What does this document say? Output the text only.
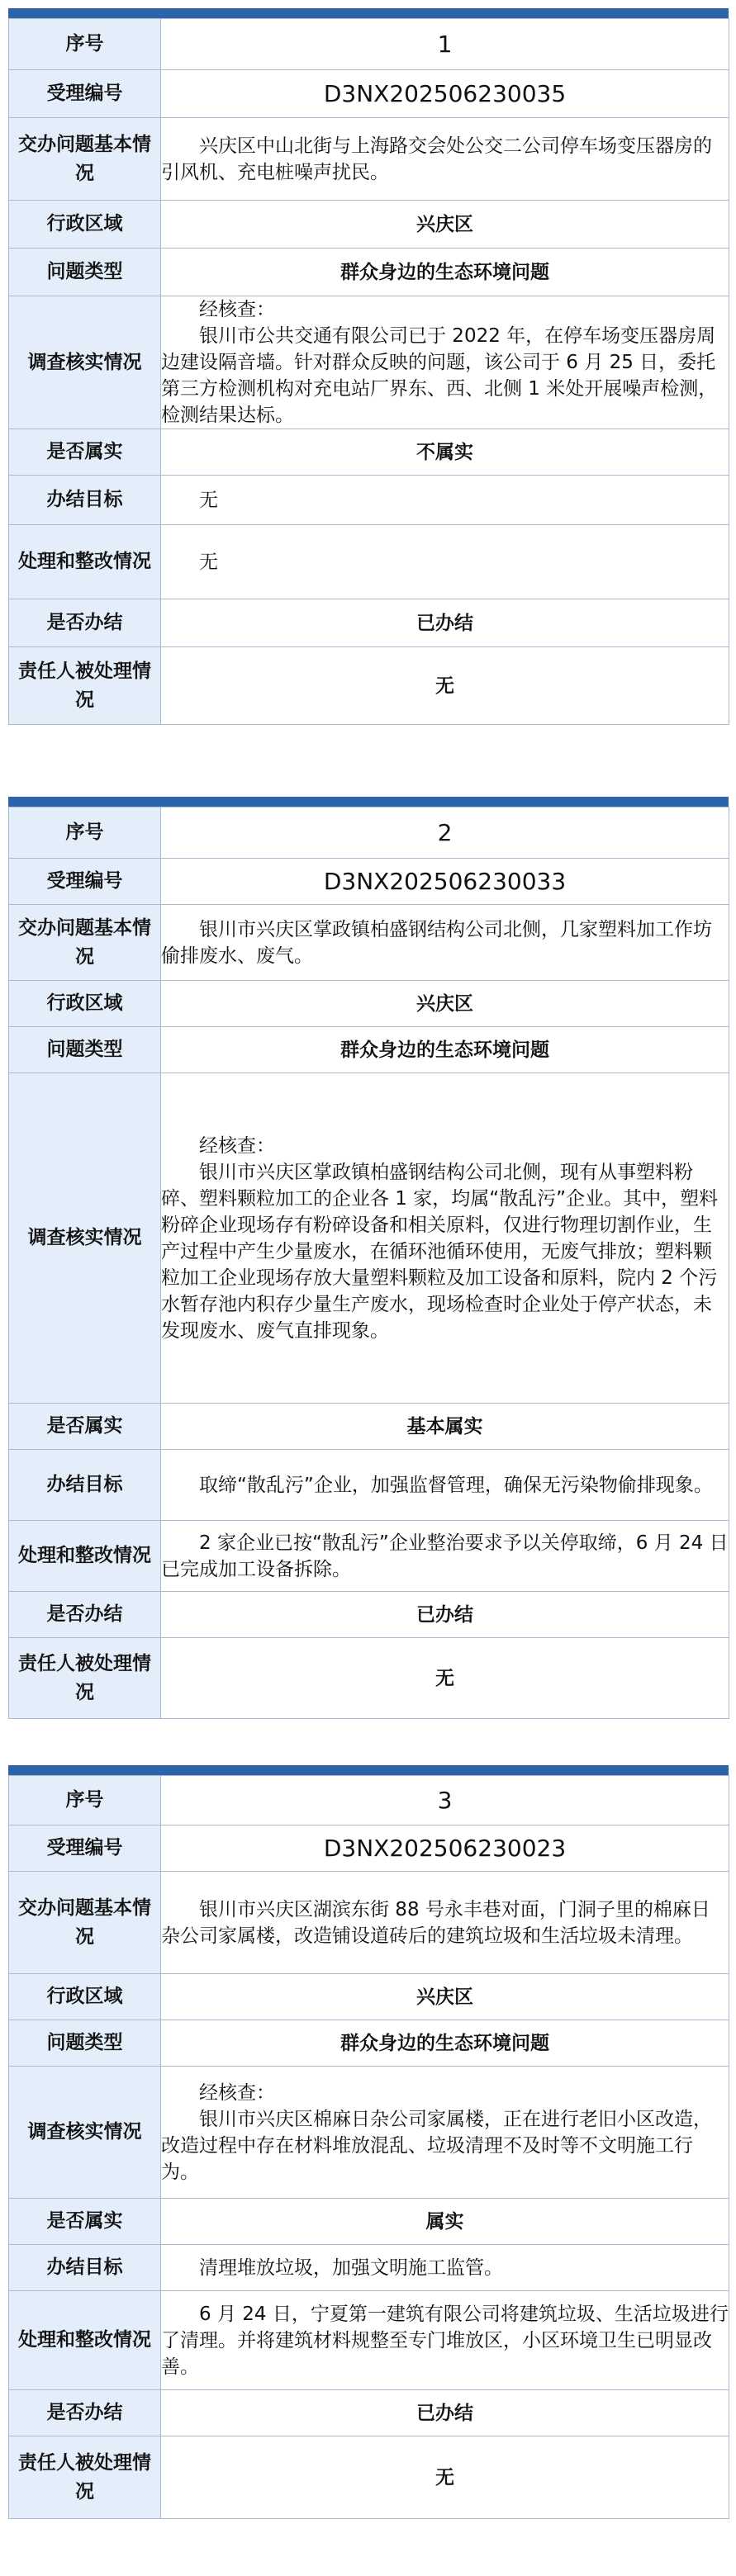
序号	1
受理编号	D3NX202506230035
交办问题基本情况	兴庆区中山北街与上海路交会处公交二公司停车场变压器房的引风机、充电桩噪声扰民。

行政区域	兴庆区
问题类型	群众身边的生态环境问题
调查核实情况	经核查：

银川市公共交通有限公司已于 2022 年，在停车场变压器房周边建设隔音墙。针对群众反映的问题，该公司于 6 月 25 日，委托第三方检测机构对充电站厂界东、西、北侧 1 米处开展噪声检测，检测结果达标。

是否属实	不属实
办结目标	无

处理和整改情况	无

是否办结	已办结
责任人被处理情况	无
序号	2
受理编号	D3NX202506230033
交办问题基本情况	银川市兴庆区掌政镇柏盛钢结构公司北侧，几家塑料加工作坊偷排废水、废气。

行政区域	兴庆区
问题类型	群众身边的生态环境问题
调查核实情况	经核查：

银川市兴庆区掌政镇柏盛钢结构公司北侧，现有从事塑料粉碎、塑料颗粒加工的企业各 1 家，均属“散乱污”企业。其中，塑料粉碎企业现场存有粉碎设备和相关原料，仅进行物理切割作业，生产过程中产生少量废水，在循环池循环使用，无废气排放；塑料颗粒加工企业现场存放大量塑料颗粒及加工设备和原料，院内 2 个污水暂存池内积存少量生产废水，现场检查时企业处于停产状态，未发现废水、废气直排现象。

是否属实	基本属实
办结目标	取缔“散乱污”企业，加强监督管理，确保无污染物偷排现象。

处理和整改情况	2 家企业已按“散乱污”企业整治要求予以关停取缔，6 月 24 日已完成加工设备拆除。

是否办结	已办结
责任人被处理情况	无
序号	3
受理编号	D3NX202506230023
交办问题基本情况	银川市兴庆区湖滨东街 88 号永丰巷对面，门洞子里的棉麻日杂公司家属楼，改造铺设道砖后的建筑垃圾和生活垃圾未清理。

行政区域	兴庆区
问题类型	群众身边的生态环境问题
调查核实情况	经核查：

银川市兴庆区棉麻日杂公司家属楼，正在进行老旧小区改造，改造过程中存在材料堆放混乱、垃圾清理不及时等不文明施工行为。

是否属实	属实
办结目标	清理堆放垃圾，加强文明施工监管。

处理和整改情况	6 月 24 日，宁夏第一建筑有限公司将建筑垃圾、生活垃圾进行了清理。并将建筑材料规整至专门堆放区，小区环境卫生已明显改善。

是否办结	已办结
责任人被处理情况	无
